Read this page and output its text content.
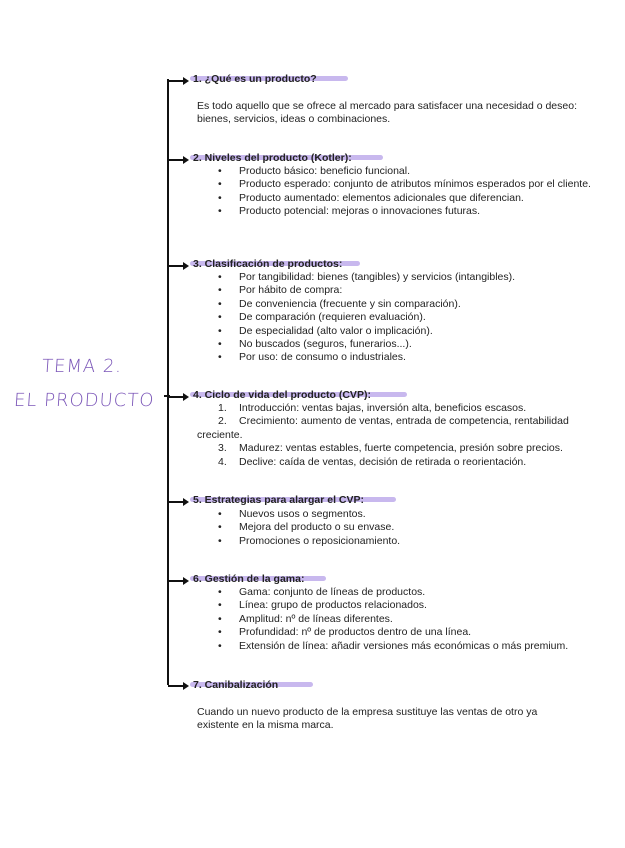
TEMA 2.
EL PRODUCTO
1. ¿Qué es un producto?

Es todo aquello que se ofrece al mercado para satisfacer una necesidad o deseo: bienes, servicios, ideas o combinaciones.

2. Niveles del producto (Kotler):
• Producto básico: beneficio funcional.
• Producto esperado: conjunto de atributos mínimos esperados por el cliente.
• Producto aumentado: elementos adicionales que diferencian.
• Producto potencial: mejoras o innovaciones futuras.
3. Clasificación de productos:
• Por tangibilidad: bienes (tangibles) y servicios (intangibles).
• Por hábito de compra:
• De conveniencia (frecuente y sin comparación).
• De comparación (requieren evaluación).
• De especialidad (alto valor o implicación).
• No buscados (seguros, funerarios...).
• Por uso: de consumo o industriales.
4. Ciclo de vida del producto (CVP):
1. Introducción: ventas bajas, inversión alta, beneficios escasos.
2. Crecimiento: aumento de ventas, entrada de competencia, rentabilidad creciente.
3. Madurez: ventas estables, fuerte competencia, presión sobre precios.
4. Declive: caída de ventas, decisión de retirada o reorientación.
5. Estrategias para alargar el CVP:
• Nuevos usos o segmentos.
• Mejora del producto o su envase.
• Promociones o reposicionamiento.
6. Gestión de la gama:
• Gama: conjunto de líneas de productos.
• Línea: grupo de productos relacionados.
• Amplitud: nº de líneas diferentes.
• Profundidad: nº de productos dentro de una línea.
• Extensión de línea: añadir versiones más económicas o más premium.
7. Canibalización

Cuando un nuevo producto de la empresa sustituye las ventas de otro ya existente en la misma marca.
